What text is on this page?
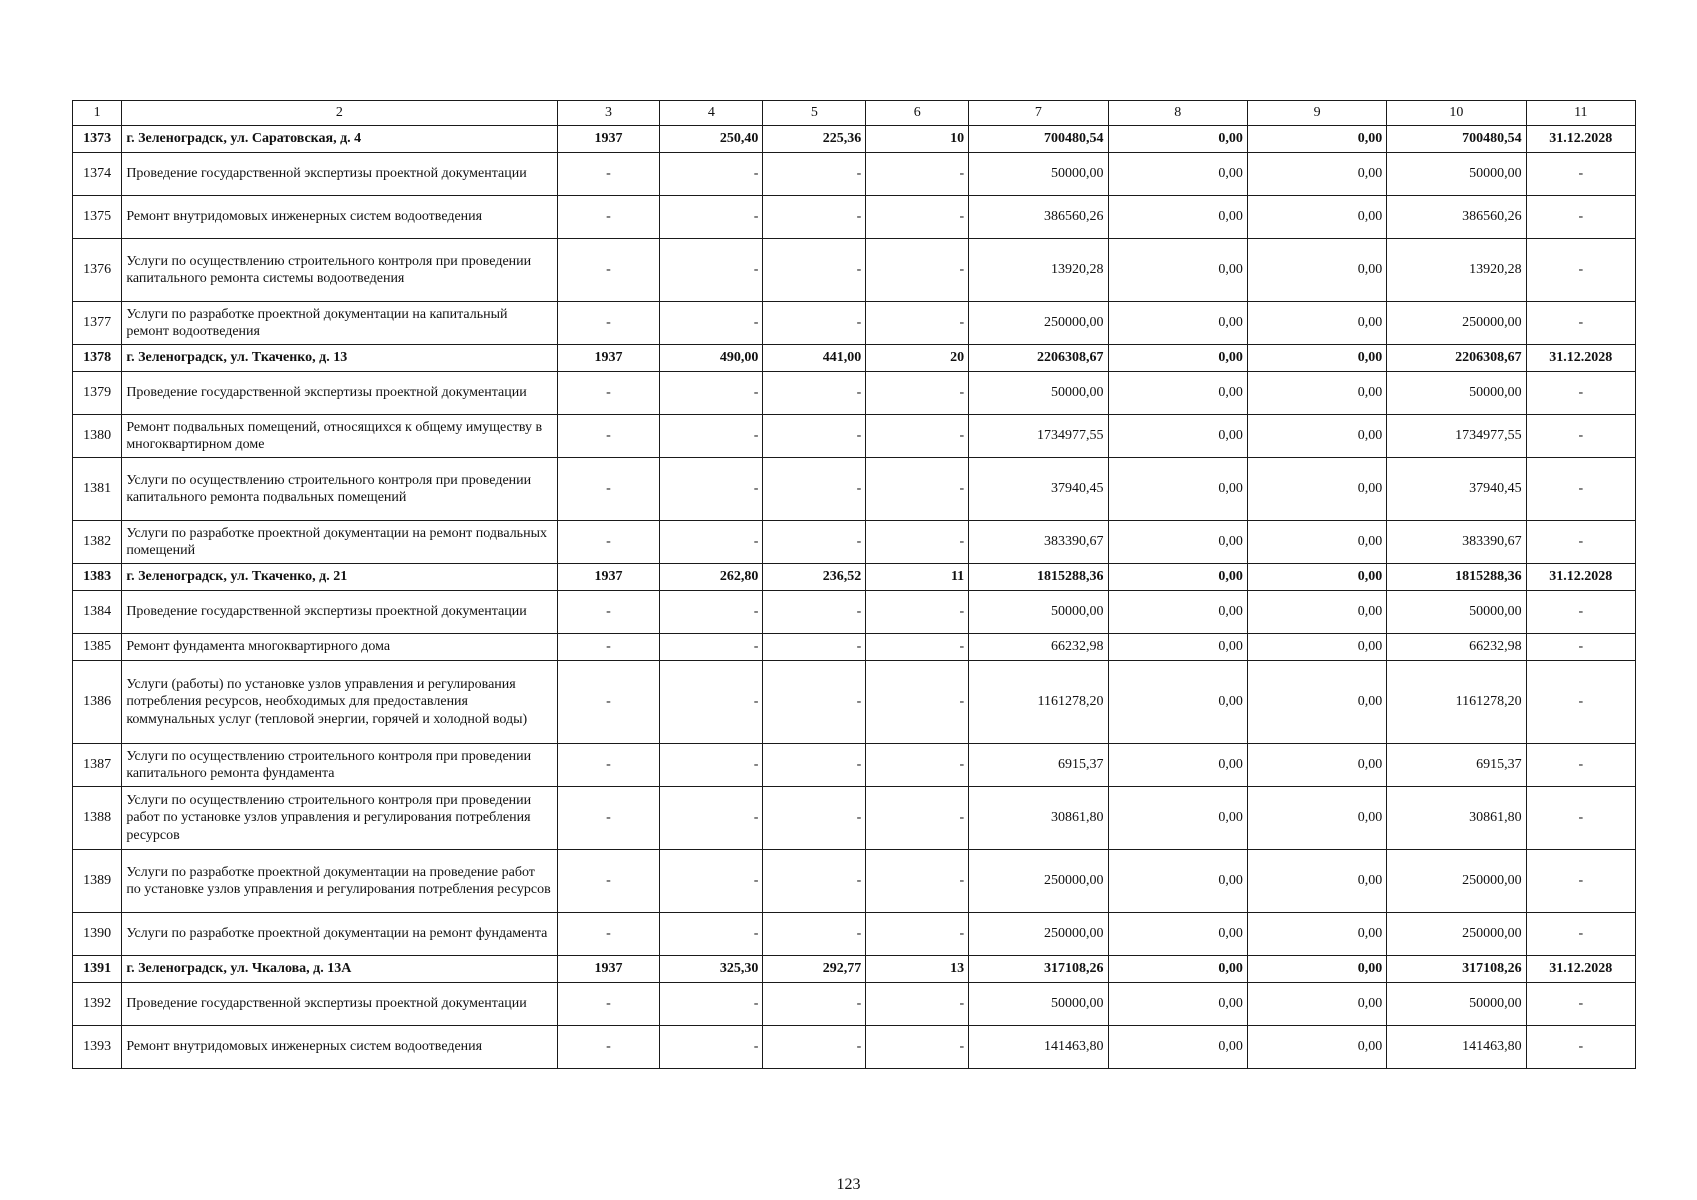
1	2	3	4	5	6	7	8	9	10	11
1373	г. Зеленоградск, ул. Саратовская, д. 4	1937	250,40	225,36	10	700480,54	0,00	0,00	700480,54	31.12.2028
1374	Проведение государственной экспертизы проектной документации	-	-	-	-	50000,00	0,00	0,00	50000,00	-
1375	Ремонт внутридомовых инженерных систем водоотведения	-	-	-	-	386560,26	0,00	0,00	386560,26	-
1376	Услуги по осуществлению строительного контроля при проведении капитального ремонта системы водоотведения	-	-	-	-	13920,28	0,00	0,00	13920,28	-
1377	Услуги по разработке проектной документации на капитальный ремонт водоотведения	-	-	-	-	250000,00	0,00	0,00	250000,00	-
1378	г. Зеленоградск, ул. Ткаченко, д. 13	1937	490,00	441,00	20	2206308,67	0,00	0,00	2206308,67	31.12.2028
1379	Проведение государственной экспертизы проектной документации	-	-	-	-	50000,00	0,00	0,00	50000,00	-
1380	Ремонт подвальных помещений, относящихся к общему имуществу в многоквартирном доме	-	-	-	-	1734977,55	0,00	0,00	1734977,55	-
1381	Услуги по осуществлению строительного контроля при проведении капитального ремонта подвальных помещений	-	-	-	-	37940,45	0,00	0,00	37940,45	-
1382	Услуги по разработке проектной документации на ремонт подвальных помещений	-	-	-	-	383390,67	0,00	0,00	383390,67	-
1383	г. Зеленоградск, ул. Ткаченко, д. 21	1937	262,80	236,52	11	1815288,36	0,00	0,00	1815288,36	31.12.2028
1384	Проведение государственной экспертизы проектной документации	-	-	-	-	50000,00	0,00	0,00	50000,00	-
1385	Ремонт фундамента многоквартирного дома	-	-	-	-	66232,98	0,00	0,00	66232,98	-
1386	Услуги (работы) по установке узлов управления и регулирования потребления ресурсов, необходимых для предоставления коммунальных услуг (тепловой энергии, горячей и холодной воды)	-	-	-	-	1161278,20	0,00	0,00	1161278,20	-
1387	Услуги по осуществлению строительного контроля при проведении капитального ремонта фундамента	-	-	-	-	6915,37	0,00	0,00	6915,37	-
1388	Услуги по осуществлению строительного контроля при проведении работ по установке узлов управления и регулирования потребления ресурсов	-	-	-	-	30861,80	0,00	0,00	30861,80	-
1389	Услуги по разработке проектной документации на проведение работ по установке узлов управления и регулирования потребления ресурсов	-	-	-	-	250000,00	0,00	0,00	250000,00	-
1390	Услуги по разработке проектной документации на ремонт фундамента	-	-	-	-	250000,00	0,00	0,00	250000,00	-
1391	г. Зеленоградск, ул. Чкалова, д. 13А	1937	325,30	292,77	13	317108,26	0,00	0,00	317108,26	31.12.2028
1392	Проведение государственной экспертизы проектной документации	-	-	-	-	50000,00	0,00	0,00	50000,00	-
1393	Ремонт внутридомовых инженерных систем водоотведения	-	-	-	-	141463,80	0,00	0,00	141463,80	-
123
